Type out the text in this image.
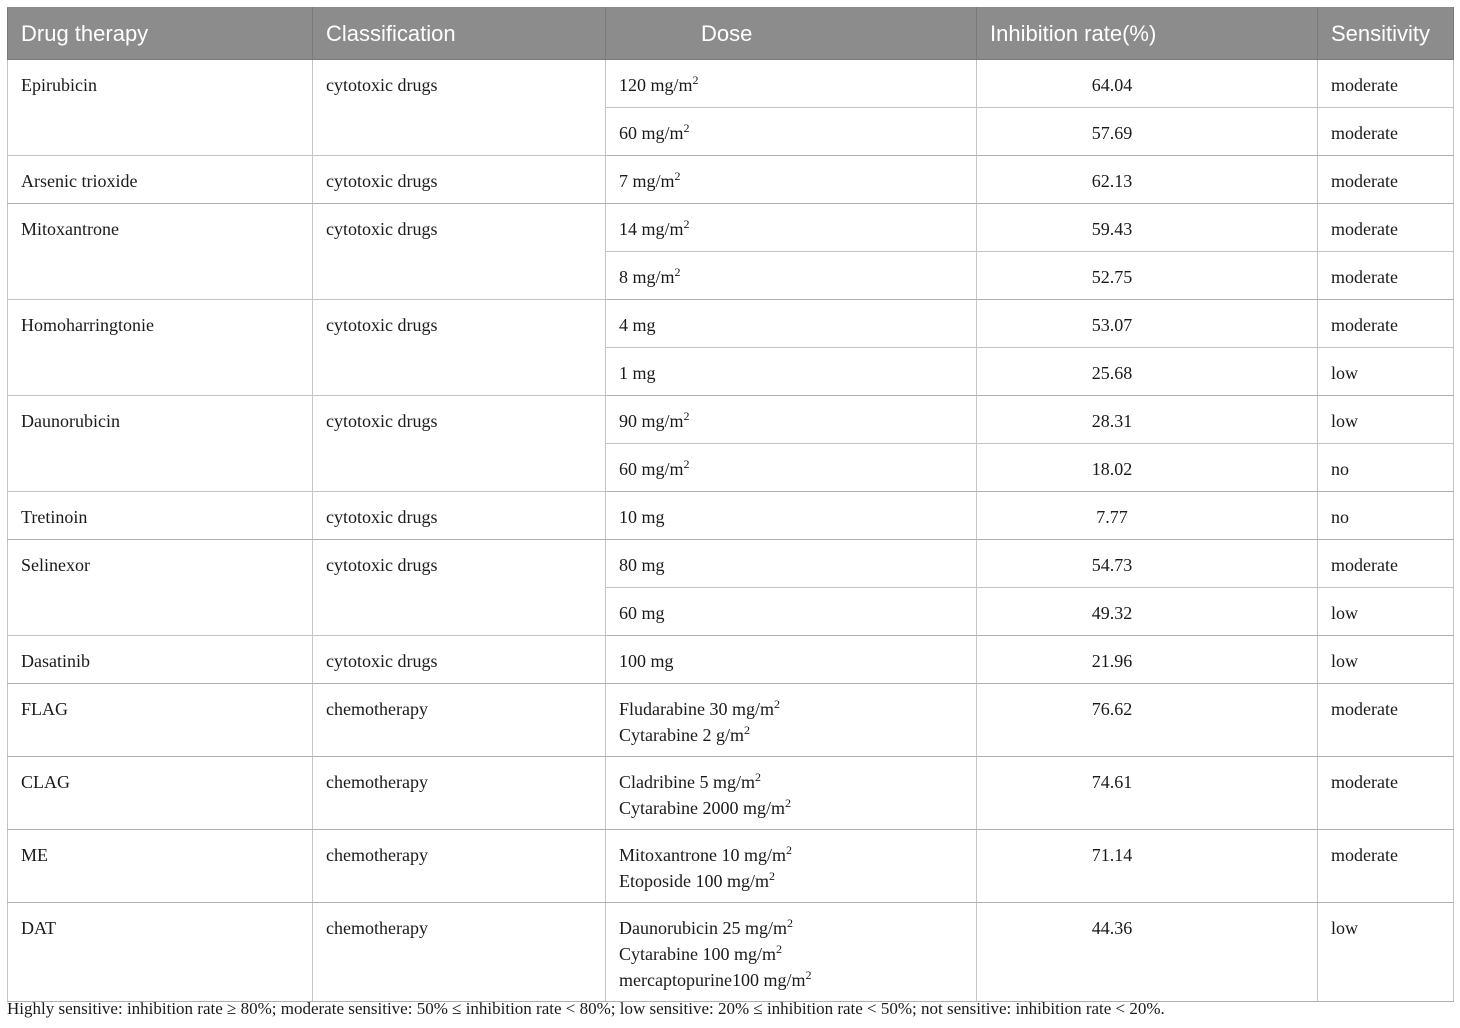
Drug therapy	Classification	Dose	Inhibition rate(%)	Sensitivity
Epirubicin	cytotoxic drugs	120 $mg/m^2$	64.04	moderate

		60 $mg/m^2$	57.69	moderate
Arsenic trioxide	cytotoxic drugs	7 $mg/m^2$	62.13	moderate
Mitoxantrone	cytotoxic drugs	14 $mg/m^2$	59.43	moderate

		8 $mg/m^2$	52.75	moderate
Homoharringtonie	cytotoxic drugs	4 mg	53.07	moderate

		1 mg	25.68	low
Daunorubicin	cytotoxic drugs	90 $mg/m^2$	28.31	low

		60 $mg/m^2$	18.02	no
Tretinoin	cytotoxic drugs	10 mg	7.77	no
Selinexor	cytotoxic drugs	80 mg	54.73	moderate

		60 mg	49.32	low
Dasatinib	cytotoxic drugs	100 mg	21.96	low
FLAG	chemotherapy	Fludarabine 30 $mg/m^2$
Cytarabine 2 $g/m^2$	76.62	moderate
CLAG	chemotherapy	Cladribine 5 $mg/m^2$
Cytarabine 2000 $mg/m^2$	74.61	moderate
ME	chemotherapy	Mitoxantrone 10 $mg/m^2$
Etoposide 100 $mg/m^2$	71.14	moderate
DAT	chemotherapy	Daunorubicin 25 $mg/m^2$
Cytarabine 100 $mg/m^2$
mercaptopurine100 $mg/m^2$	44.36	low
Highly sensitive: inhibition rate ≥ 80%; moderate sensitive: 50% ≤ inhibition rate < 80%; low sensitive: 20% ≤ inhibition rate < 50%; not sensitive: inhibition rate < 20%.
